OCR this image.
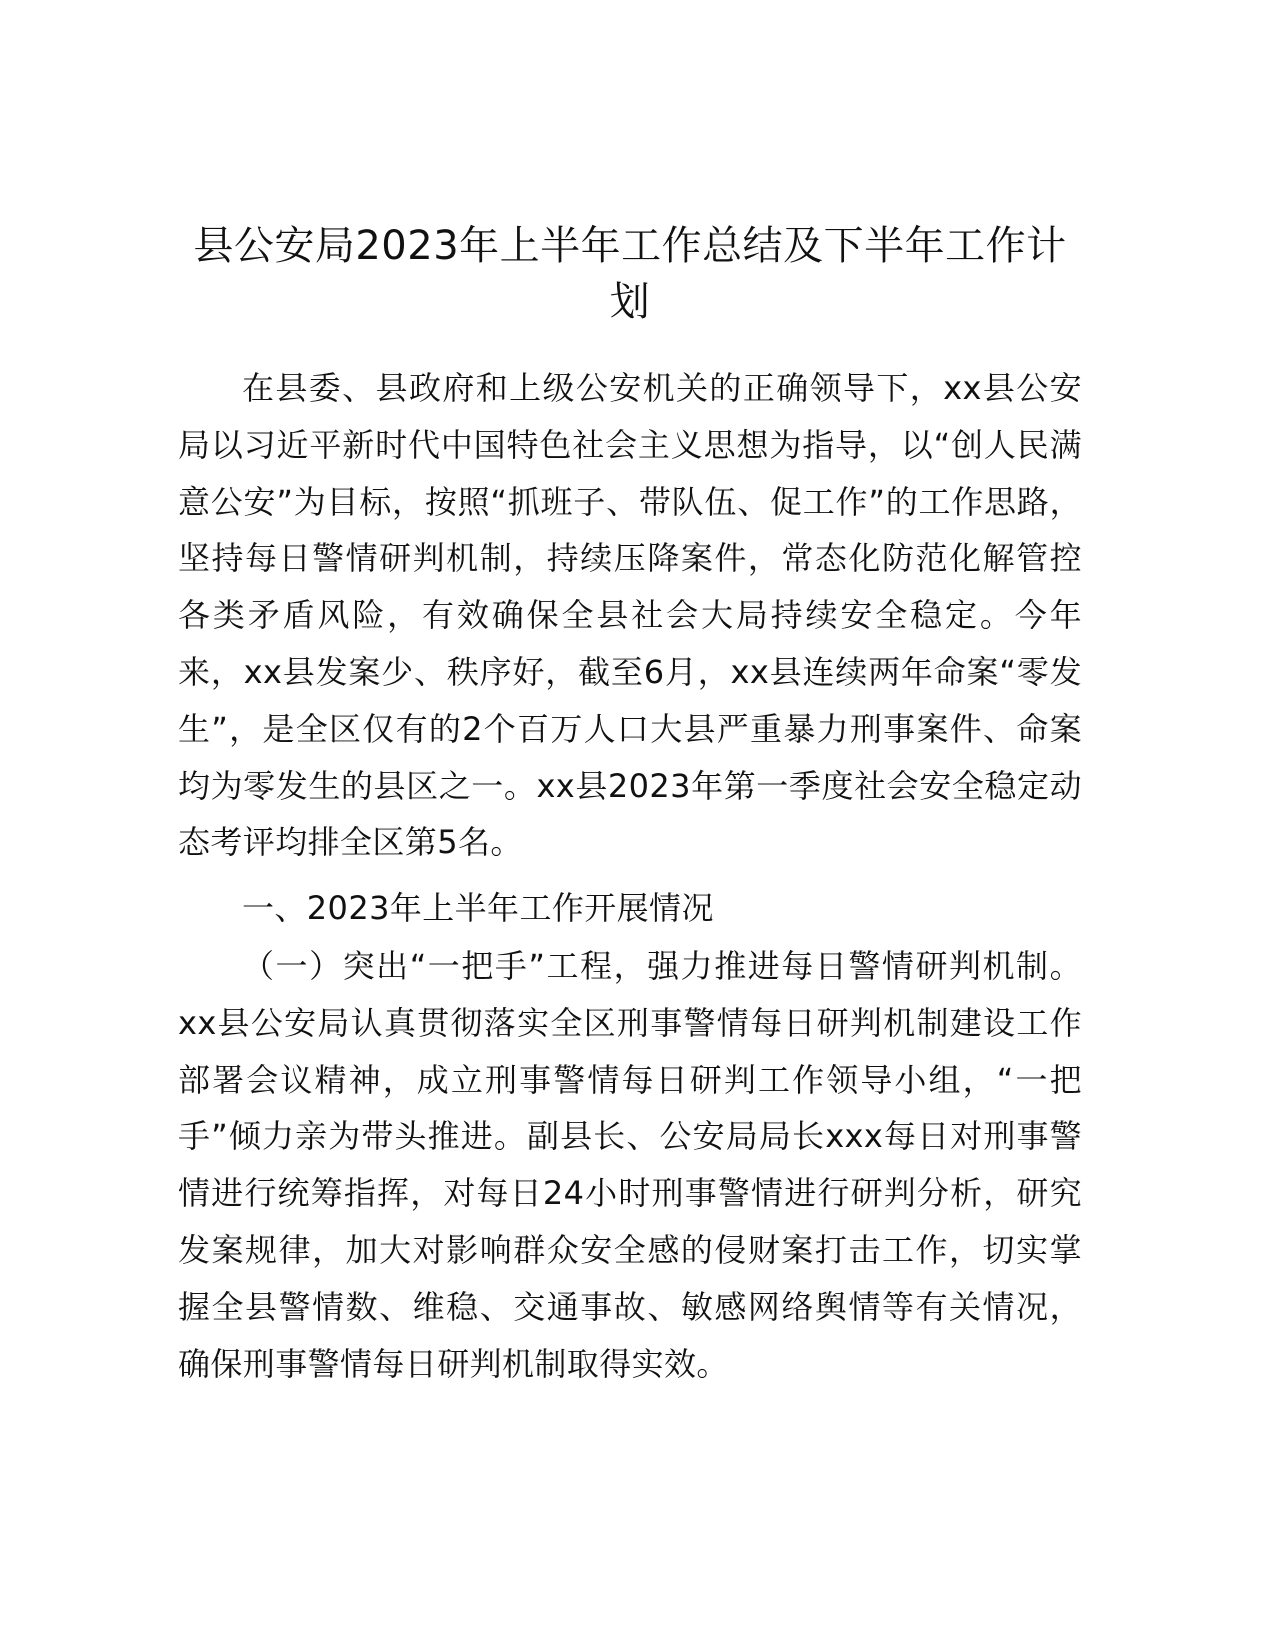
县公安局2023年上半年工作总结及下半年工作计划

在县委、县政府和上级公安机关的正确领导下，xx县公安局以习近平新时代中国特色社会主义思想为指导，以“创人民满意公安”为目标，按照“抓班子、带队伍、促工作”的工作思路，坚持每日警情研判机制，持续压降案件，常态化防范化解管控各类矛盾风险，有效确保全县社会大局持续安全稳定。今年来，xx县发案少、秩序好，截至6月，xx县连续两年命案“零发生”，是全区仅有的2个百万人口大县严重暴力刑事案件、命案均为零发生的县区之一。xx县2023年第一季度社会安全稳定动态考评均排全区第5名。

一、2023年上半年工作开展情况

（一）突出“一把手”工程，强力推进每日警情研判机制。xx县公安局认真贯彻落实全区刑事警情每日研判机制建设工作部署会议精神，成立刑事警情每日研判工作领导小组，“一把手”倾力亲为带头推进。副县长、公安局局长xxx每日对刑事警情进行统筹指挥，对每日24小时刑事警情进行研判分析，研究发案规律，加大对影响群众安全感的侵财案打击工作，切实掌握全县警情数、维稳、交通事故、敏感网络舆情等有关情况，确保刑事警情每日研判机制取得实效。
